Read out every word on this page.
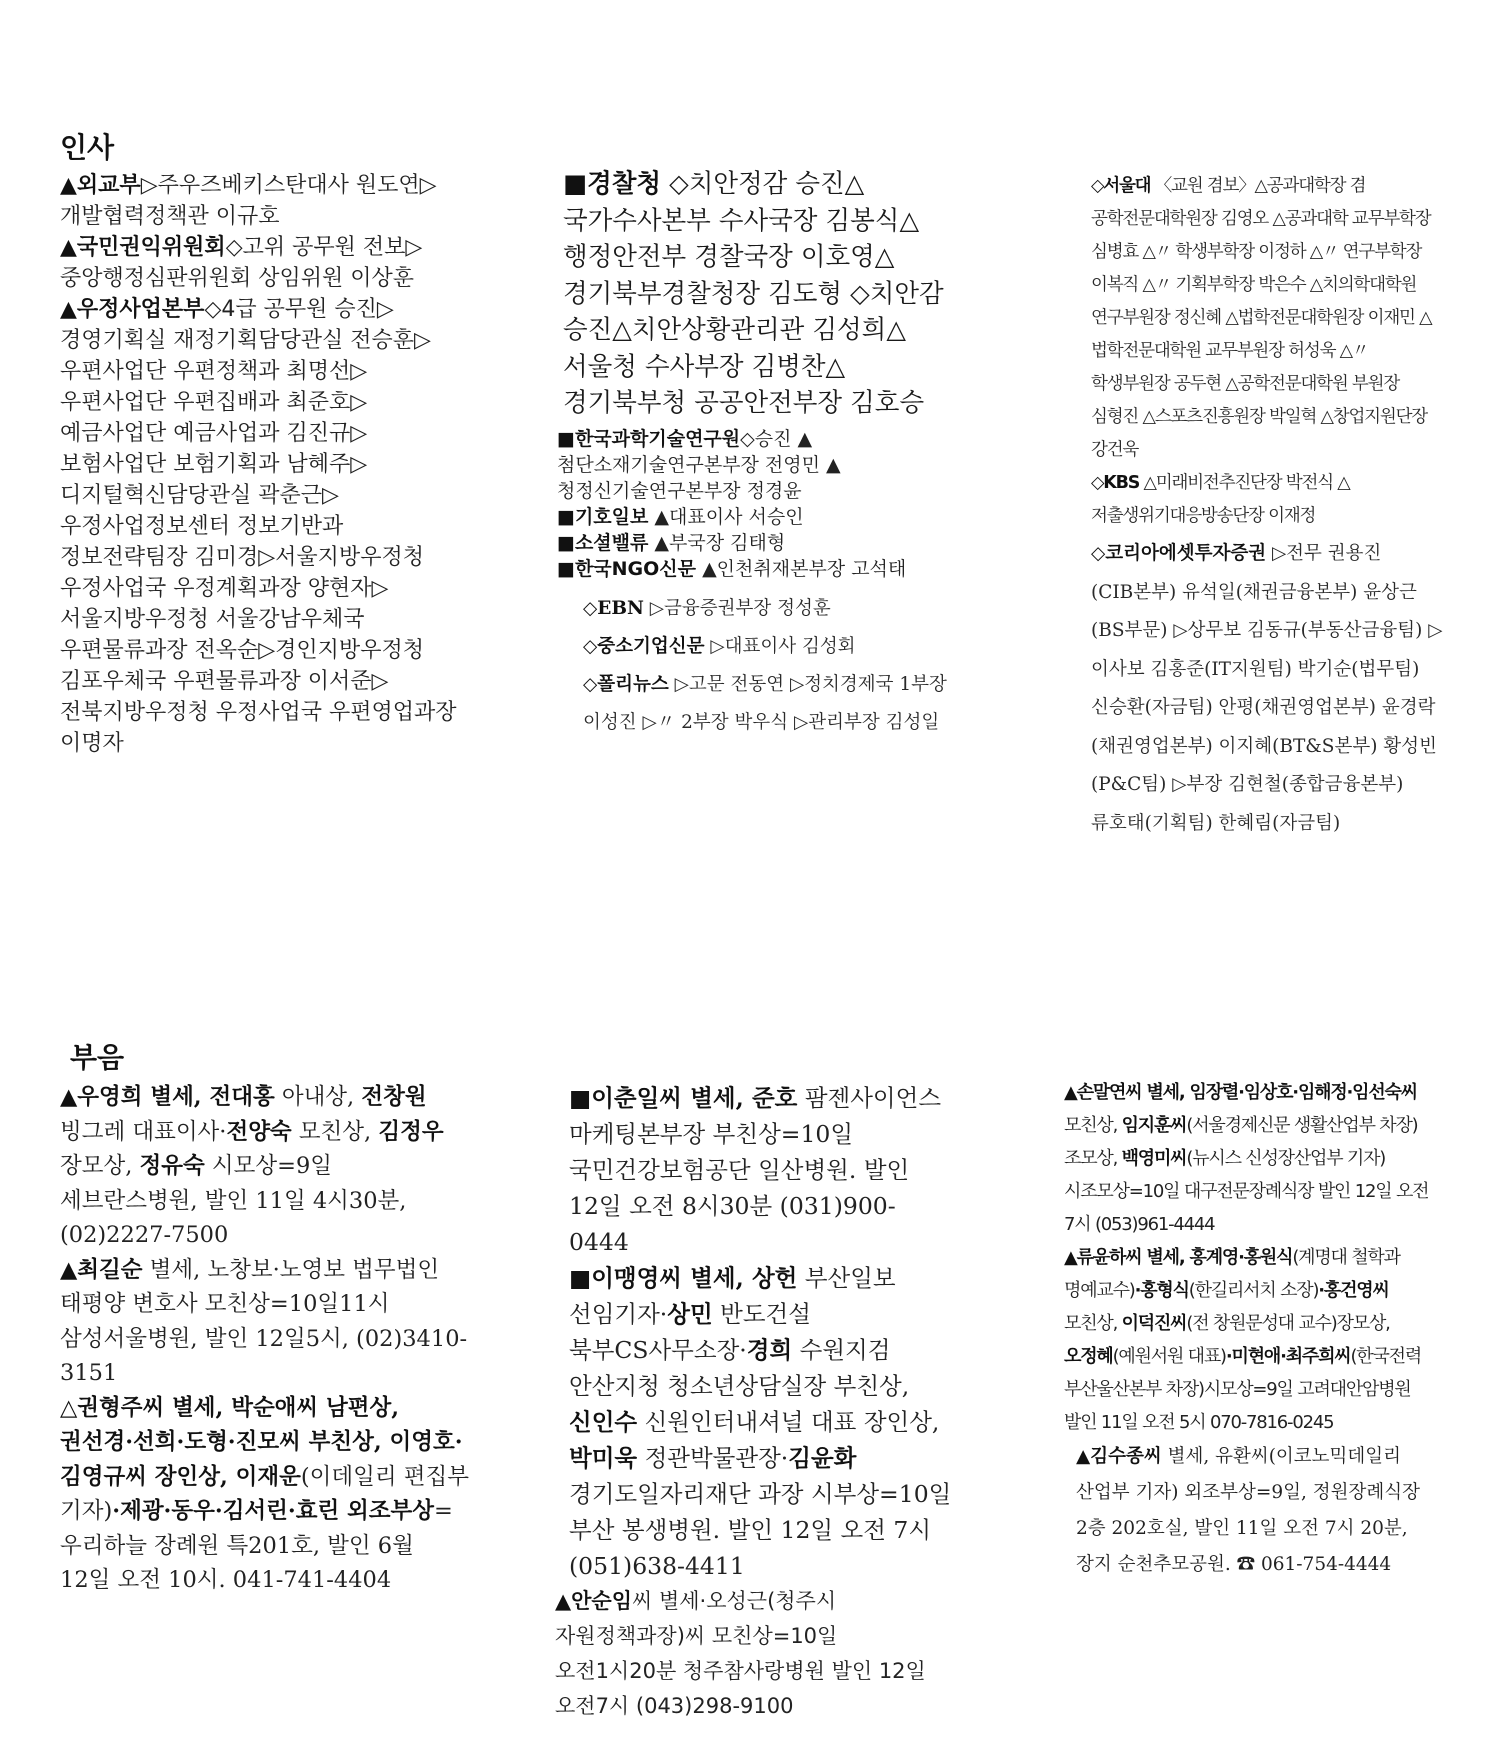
인사

▲외교부▷주우즈베키스탄대사 원도연▷개발협력정책관 이규호

▲국민권익위원회◇고위 공무원 전보▷중앙행정심판위원회 상임위원 이상훈

▲우정사업본부◇4급 공무원 승진▷경영기획실 재정기획담당관실 전승훈▷우편사업단 우편정책과 최명선▷우편사업단 우편집배과 최준호▷예금사업단 예금사업과 김진규▷보험사업단 보험기획과 남혜주▷디지털혁신담당관실 곽춘근▷우정사업정보센터 정보기반과 정보전략팀장 김미경▷서울지방우정청 우정사업국 우정계획과장 양현자▷서울지방우정청 서울강남우체국 우편물류과장 전옥순▷경인지방우정청 김포우체국 우편물류과장 이서준▷전북지방우정청 우정사업국 우편영업과장 이명자

■경찰청 ◇치안정감 승진△국가수사본부 수사국장 김봉식△행정안전부 경찰국장 이호영△경기북부경찰청장 김도형 ◇치안감 승진△치안상황관리관 김성희△서울청 수사부장 김병찬△경기북부청 공공안전부장 김호승

■한국과학기술연구원◇승진 ▲첨단소재기술연구본부장 전영민 ▲청정신기술연구본부장 정경윤

■기호일보 ▲대표이사 서승인

■소셜밸류 ▲부국장 김태형

■한국NGO신문 ▲인천취재본부장 고석태

◇EBN ▷금융증권부장 정성훈

◇중소기업신문 ▷대표이사 김성회

◇폴리뉴스 ▷고문 전동연 ▷정치경제국 1부장 이성진 ▷〃 2부장 박우식 ▷관리부장 김성일

◇서울대 〈교원 겸보〉△공과대학장 겸 공학전문대학원장 김영오 △공과대학 교무부학장 심병효 △〃 학생부학장 이정하 △〃 연구부학장 이복직 △〃 기획부학장 박은수 △치의학대학원 연구부원장 정신혜 △법학전문대학원장 이재민 △법학전문대학원 교무부원장 허성욱 △〃 학생부원장 공두현 △공학전문대학원 부원장 심형진 △스포츠진흥원장 박일혁 △창업지원단장 강건욱

◇KBS △미래비전추진단장 박전식 △저출생위기대응방송단장 이재정

◇코리아에셋투자증권 ▷전무 권용진(CIB본부) 유석일(채권금융본부) 윤상근(BS부문) ▷상무보 김동규(부동산금융팀) ▷이사보 김홍준(IT지원팀) 박기순(법무팀) 신승환(자금팀) 안평(채권영업본부) 윤경락(채권영업본부) 이지혜(BT&S본부) 황성빈(P&C팀) ▷부장 김현철(종합금융본부) 류호태(기획팀) 한혜림(자금팀)

부음

▲우영희 별세, 전대홍 아내상, 전창원 빙그레 대표이사·전양숙 모친상, 김정우 장모상, 정유숙 시모상=9일 세브란스병원, 발인 11일 4시30분, (02)2227-7500

▲최길순 별세, 노창보·노영보 법무법인 태평양 변호사 모친상=10일11시 삼성서울병원, 발인 12일5시, (02)3410-3151

△권형주씨 별세, 박순애씨 남편상, 권선경·선희·도형·진모씨 부친상, 이영호·김영규씨 장인상, 이재운(이데일리 편집부 기자)·제광·동우·김서린·효린 외조부상= 우리하늘 장례원 특201호, 발인 6월 12일 오전 10시. 041-741-4404

■이춘일씨 별세, 준호 팜젠사이언스 마케팅본부장 부친상=10일 국민건강보험공단 일산병원. 발인 12일 오전 8시30분 (031)900-0444

■이맹영씨 별세, 상헌 부산일보 선임기자·상민 반도건설 북부CS사무소장·경희 수원지검 안산지청 청소년상담실장 부친상, 신인수 신원인터내셔널 대표 장인상, 박미욱 정관박물관장·김윤화 경기도일자리재단 과장 시부상=10일 부산 봉생병원. 발인 12일 오전 7시 (051)638-4411

▲안순임씨 별세·오성근(청주시 자원정책과장)씨 모친상=10일 오전1시20분 청주참사랑병원 발인 12일 오전7시 (043)298-9100

▲손말연씨 별세, 임장렬·임상호·임해정·임선숙씨 모친상, 임지훈씨(서울경제신문 생활산업부 차장)조모상, 백영미씨(뉴시스 신성장산업부 기자) 시조모상=10일 대구전문장례식장 발인 12일 오전 7시 (053)961-4444

▲류윤하씨 별세, 홍계영·홍원식(계명대 철학과 명예교수)·홍형식(한길리서치 소장)·홍건영씨 모친상, 이덕진씨(전 창원문성대 교수)장모상, 오정혜(예원서원 대표)·미현애·최주희씨(한국전력 부산울산본부 차장)시모상=9일 고려대안암병원 발인 11일 오전 5시 070-7816-0245

▲김수종씨 별세, 유환씨(이코노믹데일리 산업부 기자) 외조부상=9일, 정원장례식장 2층 202호실, 발인 11일 오전 7시 20분, 장지 순천추모공원. ☎ 061-754-4444
